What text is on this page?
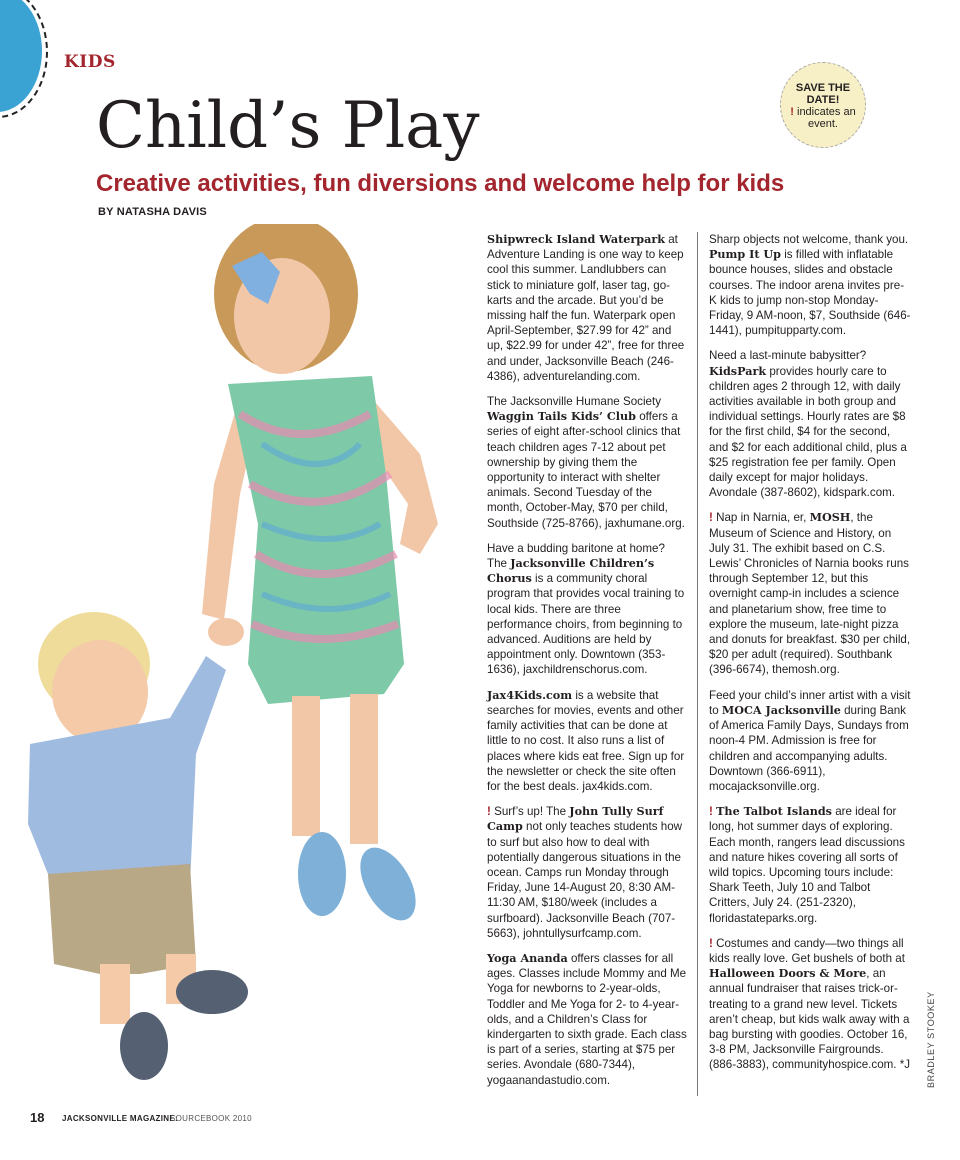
KIDS
Child’s Play
Creative activities, fun diversions and welcome help for kids
BY NATASHA DAVIS
SAVE THE DATE!
! indicates an event.

Shipwreck Island Waterpark at Adventure Landing is one way to keep cool this summer. Landlubbers can stick to miniature golf, laser tag, go-karts and the arcade. But you’d be missing half the fun. Waterpark open April-September, $27.99 for 42” and up, $22.99 for under 42”, free for three and under, Jacksonville Beach (246-4386), adventurelanding.com.

The Jacksonville Humane Society Waggin Tails Kids’ Club offers a series of eight after-school clinics that teach children ages 7-12 about pet ownership by giving them the opportunity to interact with shelter animals. Second Tuesday of the month, October-May, $70 per child, Southside (725-8766), jaxhumane.org.

Have a budding baritone at home? The Jacksonville Children’s Chorus is a community choral program that provides vocal training to local kids. There are three performance choirs, from beginning to advanced. Auditions are held by appointment only. Downtown (353-1636), jaxchildrenschorus.com.

Jax4Kids.com is a website that searches for movies, events and other family activities that can be done at little to no cost. It also runs a list of places where kids eat free. Sign up for the newsletter or check the site often for the best deals. jax4kids.com.

! Surf’s up! The John Tully Surf Camp not only teaches students how to surf but also how to deal with potentially dangerous situations in the ocean. Camps run Monday through Friday, June 14-August 20, 8:30 AM-11:30 AM, $180/week (includes a surfboard). Jacksonville Beach (707-5663), johntullysurfcamp.com.

Yoga Ananda offers classes for all ages. Classes include Mommy and Me Yoga for newborns to 2-year-olds, Toddler and Me Yoga for 2- to 4-year-olds, and a Children’s Class for kindergarten to sixth grade. Each class is part of a series, starting at $75 per series. Avondale (680-7344), yogaanandastudio.com.

Sharp objects not welcome, thank you. Pump It Up is filled with inflatable bounce houses, slides and obstacle courses. The indoor arena invites pre-K kids to jump non-stop Monday-Friday, 9 AM-noon, $7, Southside (646-1441), pumpitupparty.com.

Need a last-minute babysitter? KidsPark provides hourly care to children ages 2 through 12, with daily activities available in both group and individual settings. Hourly rates are $8 for the first child, $4 for the second, and $2 for each additional child, plus a $25 registration fee per family. Open daily except for major holidays. Avondale (387-8602), kidspark.com.

! Nap in Narnia, er, MOSH, the Museum of Science and History, on July 31. The exhibit based on C.S. Lewis’ Chronicles of Narnia books runs through September 12, but this overnight camp-in includes a science and planetarium show, free time to explore the museum, late-night pizza and donuts for breakfast. $30 per child, $20 per adult (required). Southbank (396-6674), themosh.org.

Feed your child’s inner artist with a visit to MOCA Jacksonville during Bank of America Family Days, Sundays from noon-4 PM. Admission is free for children and accompanying adults. Downtown (366-6911), mocajacksonville.org.

! The Talbot Islands are ideal for long, hot summer days of exploring. Each month, rangers lead discussions and nature hikes covering all sorts of wild topics. Upcoming tours include: Shark Teeth, July 10 and Talbot Critters, July 24. (251-2320), floridastateparks.org.

! Costumes and candy—two things all kids really love. Get bushels of both at Halloween Doors & More, an annual fundraiser that raises trick-or-treating to a grand new level. Tickets aren’t cheap, but kids walk away with a bag bursting with goodies. October 16, 3-8 PM, Jacksonville Fairgrounds. (886-3883), communityhospice.com. *J BRADLEY STOOKEY
18 JACKSONVILLE MAGAZINE:
SOURCEBOOK 2010
